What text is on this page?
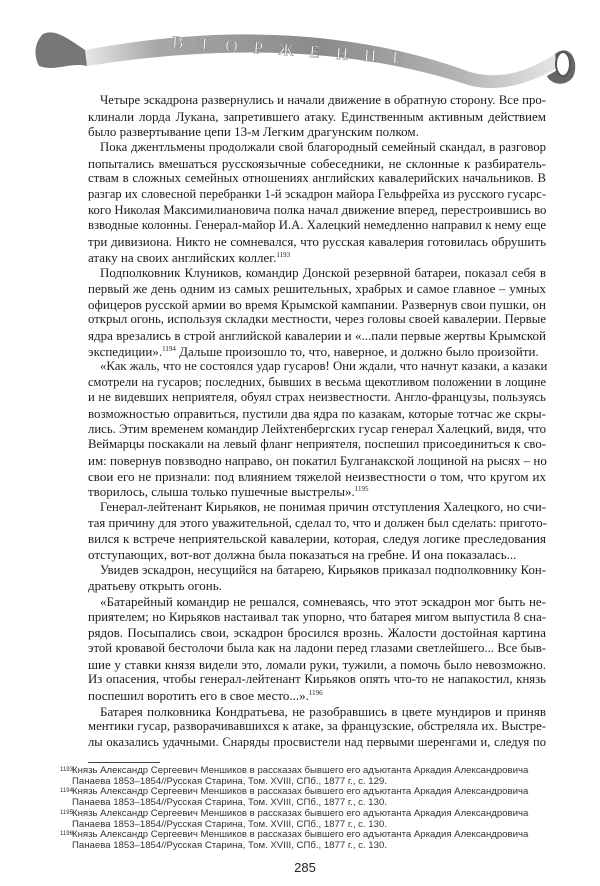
ВТОРЖЕНИЕ
Четыре эскадрона развернулись и начали движение в обратную сторону. Все про-
клинали лорда Лукана, запретившего атаку. Единственным активным действием
было развертывание цепи 13-м Легким драгунским полком.
Пока джентльмены продолжали свой благородный семейный скандал, в разговор
попытались вмешаться русскоязычные собеседники, не склонные к разбиратель-
ствам в сложных семейных отношениях английских кавалерийских начальников. В
разгар их словесной перебранки 1-й эскадрон майора Гельфрейха из русского гусарс-
кого Николая Максимилиановича полка начал движение вперед, перестроившись во
взводные колонны. Генерал-майор И.А. Халецкий немедленно направил к нему еще
три дивизиона. Никто не сомневался, что русская кавалерия готовилась обрушить
атаку на своих английских коллег.$^{1193}$
Подполковник Клуников, командир Донской резервной батареи, показал себя в
первый же день одним из самых решительных, храбрых и самое главное – умных
офицеров русской армии во время Крымской кампании. Развернув свои пушки, он
открыл огонь, используя складки местности, через головы своей кавалерии. Первые
ядра врезались в строй английской кавалерии и «...пали первые жертвы Крымской
экспедиции».$^{1194}$ Дальше произошло то, что, наверное, и должно было произойти.
«Как жаль, что не состоялся удар гусаров! Они ждали, что начнут казаки, а казаки
смотрели на гусаров; последних, бывших в весьма щекотливом положении в лощине
и не видевших неприятеля, обуял страх неизвестности. Англо-французы, пользуясь
возможностью оправиться, пустили два ядра по казакам, которые тотчас же скры-
лись. Этим временем командир Лейхтенбергских гусар генерал Халецкий, видя, что
Веймарцы поскакали на левый фланг неприятеля, поспешил присоединиться к сво-
им: повернув повзводно направо, он покатил Булганакской лощиной на рысях – но
свои его не признали: под влиянием тяжелой неизвестности о том, что кругом их
творилось, слыша только пушечные выстрелы».$^{1195}$
Генерал-лейтенант Кирьяков, не понимая причин отступления Халецкого, но счи-
тая причину для этого уважительной, сделал то, что и должен был сделать: пригото-
вился к встрече неприятельской кавалерии, которая, следуя логике преследования
отступающих, вот-вот должна была показаться на гребне. И она показалась...
Увидев эскадрон, несущийся на батарею, Кирьяков приказал подполковнику Кон-
дратьеву открыть огонь.
«Батарейный командир не решался, сомневаясь, что этот эскадрон мог быть не-
приятелем; но Кирьяков настаивал так упорно, что батарея мигом выпустила 8 сна-
рядов. Посыпались свои, эскадрон бросился врознь. Жалости достойная картина
этой кровавой бестолочи была как на ладони перед глазами светлейшего... Все быв-
шие у ставки князя видели это, ломали руки, тужили, а помочь было невозможно.
Из опасения, чтобы генерал-лейтенант Кирьяков опять что-то не напакостил, князь
поспешил воротить его в свое место...».$^{1196}$
Батарея полковника Кондратьева, не разобравшись в цвете мундиров и приняв
ментики гусар, разворачивавшихся к атаке, за французские, обстреляла их. Выстре-
лы оказались удачными. Снаряды просвистели над первыми шеренгами и, следуя по
1193 Князь Александр Сергеевич Меншиков в рассказах бывшего его адъютанта Аркадия Александровича
Панаева 1853–1854//Русская Старина, Том. XVIII, СПб., 1877 г., с. 129.
1194 Князь Александр Сергеевич Меншиков в рассказах бывшего его адъютанта Аркадия Александровича
Панаева 1853–1854//Русская Старина, Том. XVIII, СПб., 1877 г., с. 130.
1195 Князь Александр Сергеевич Меншиков в рассказах бывшего его адъютанта Аркадия Александровича
Панаева 1853–1854//Русская Старина, Том. XVIII, СПб., 1877 г., с. 130.
1196 Князь Александр Сергеевич Меншиков в рассказах бывшего его адъютанта Аркадия Александровича
Панаева 1853–1854//Русская Старина, Том. XVIII, СПб., 1877 г., с. 130.
285
